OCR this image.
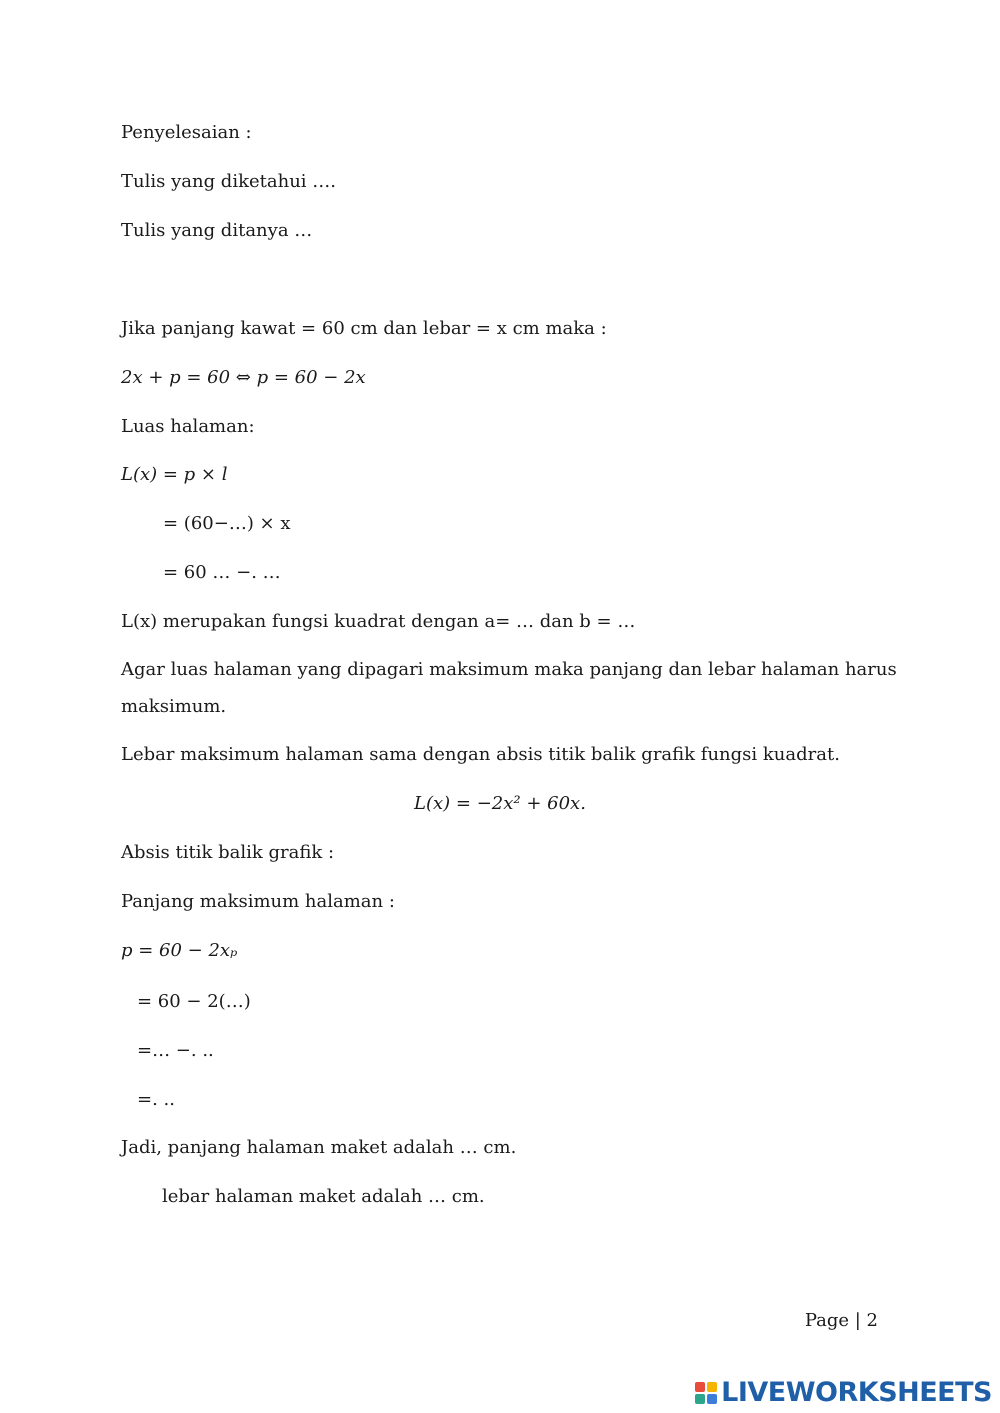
Penyelesaian :
Tulis yang diketahui ….
Tulis yang ditanya …
Jika panjang kawat = 60 cm dan lebar = x cm maka :
2x + p = 60 ⇔ p = 60 − 2x
Luas halaman:
L(x) = p × l
= (60−…) × x
= 60 … −. …
L(x) merupakan fungsi kuadrat dengan a= … dan b = …
Agar luas halaman yang dipagari maksimum maka panjang dan lebar halaman harus
maksimum.
Lebar maksimum halaman sama dengan absis titik balik grafik fungsi kuadrat.
L(x) = −2x² + 60x.
Absis titik balik grafik :
Panjang maksimum halaman :
p = 60 − 2xₚ
= 60 − 2(…)
=… −. ..
=. ..
Jadi, panjang halaman maket adalah … cm.
lebar halaman maket adalah … cm.
Page | 2
LIVEWORKSHEETS
